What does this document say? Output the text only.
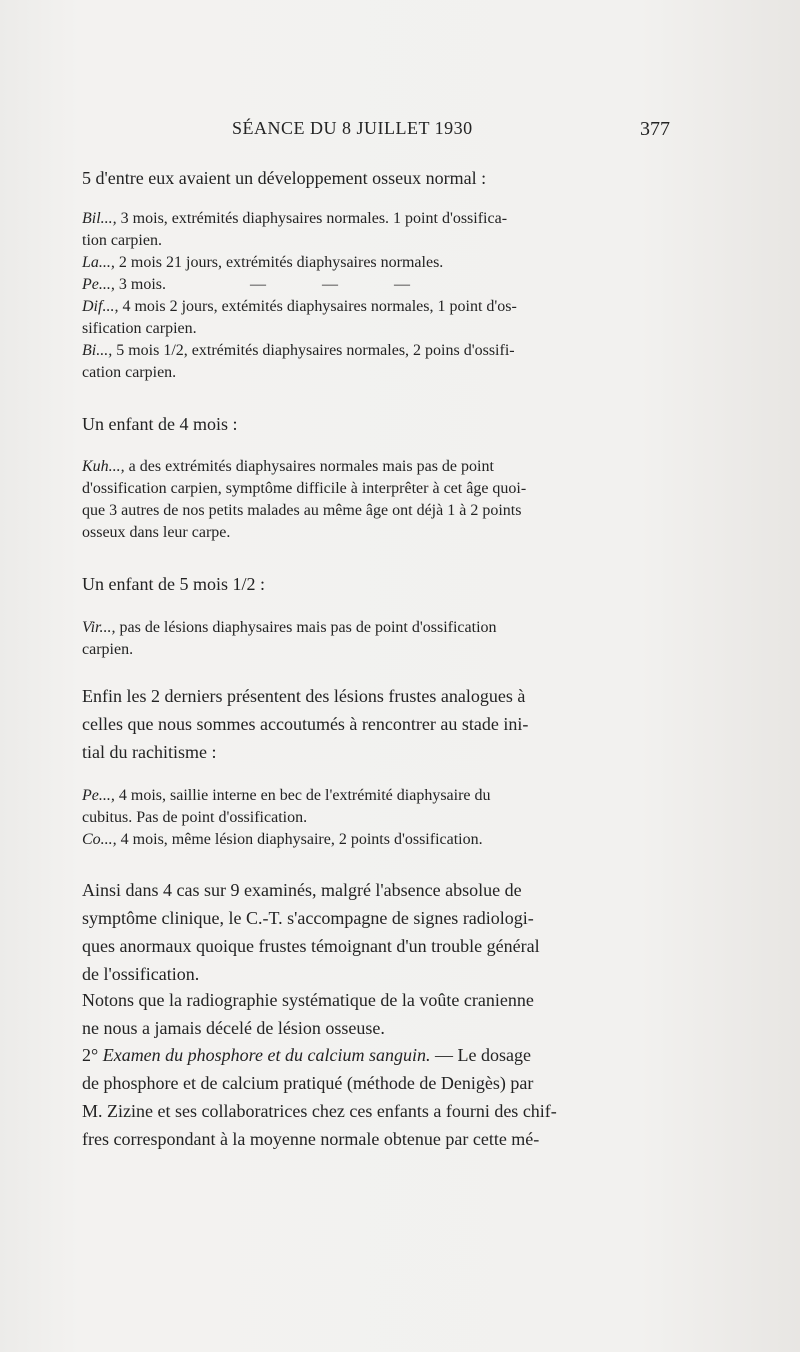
SÉANCE DU 8 JUILLET 1930	377

5 d'entre eux avaient un développement osseux normal :

Bil..., 3 mois, extrémités diaphysaires normales. 1 point d'ossifica-
tion carpien.
La..., 2 mois 21 jours, extrémités diaphysaires normales.
Pe..., 3 mois.	—	—	—
Dif..., 4 mois 2 jours, extémités diaphysaires normales, 1 point d'os-
sification carpien.
Bi..., 5 mois 1/2, extrémités diaphysaires normales, 2 poins d'ossifi-
cation carpien.

Un enfant de 4 mois :

Kuh..., a des extrémités diaphysaires normales mais pas de point
d'ossification carpien, symptôme difficile à interprêter à cet âge quoi-
que 3 autres de nos petits malades au même âge ont déjà 1 à 2 points
osseux dans leur carpe.

Un enfant de 5 mois 1/2 :

Vir..., pas de lésions diaphysaires mais pas de point d'ossification
carpien.
Enfin les 2 derniers présentent des lésions frustes analogues à
celles que nous sommes accoutumés à rencontrer au stade ini-
tial du rachitisme :
Pe..., 4 mois, saillie interne en bec de l'extrémité diaphysaire du
cubitus. Pas de point d'ossification.
Co..., 4 mois, même lésion diaphysaire, 2 points d'ossification.
Ainsi dans 4 cas sur 9 examinés, malgré l'absence absolue de
symptôme clinique, le C.-T. s'accompagne de signes radiologi-
ques anormaux quoique frustes témoignant d'un trouble général
de l'ossification.
Notons que la radiographie systématique de la voûte cranienne
ne nous a jamais décelé de lésion osseuse.
2° Examen du phosphore et du calcium sanguin. — Le dosage
de phosphore et de calcium pratiqué (méthode de Denigès) par
M. Zizine et ses collaboratrices chez ces enfants a fourni des chif-
fres correspondant à la moyenne normale obtenue par cette mé-
